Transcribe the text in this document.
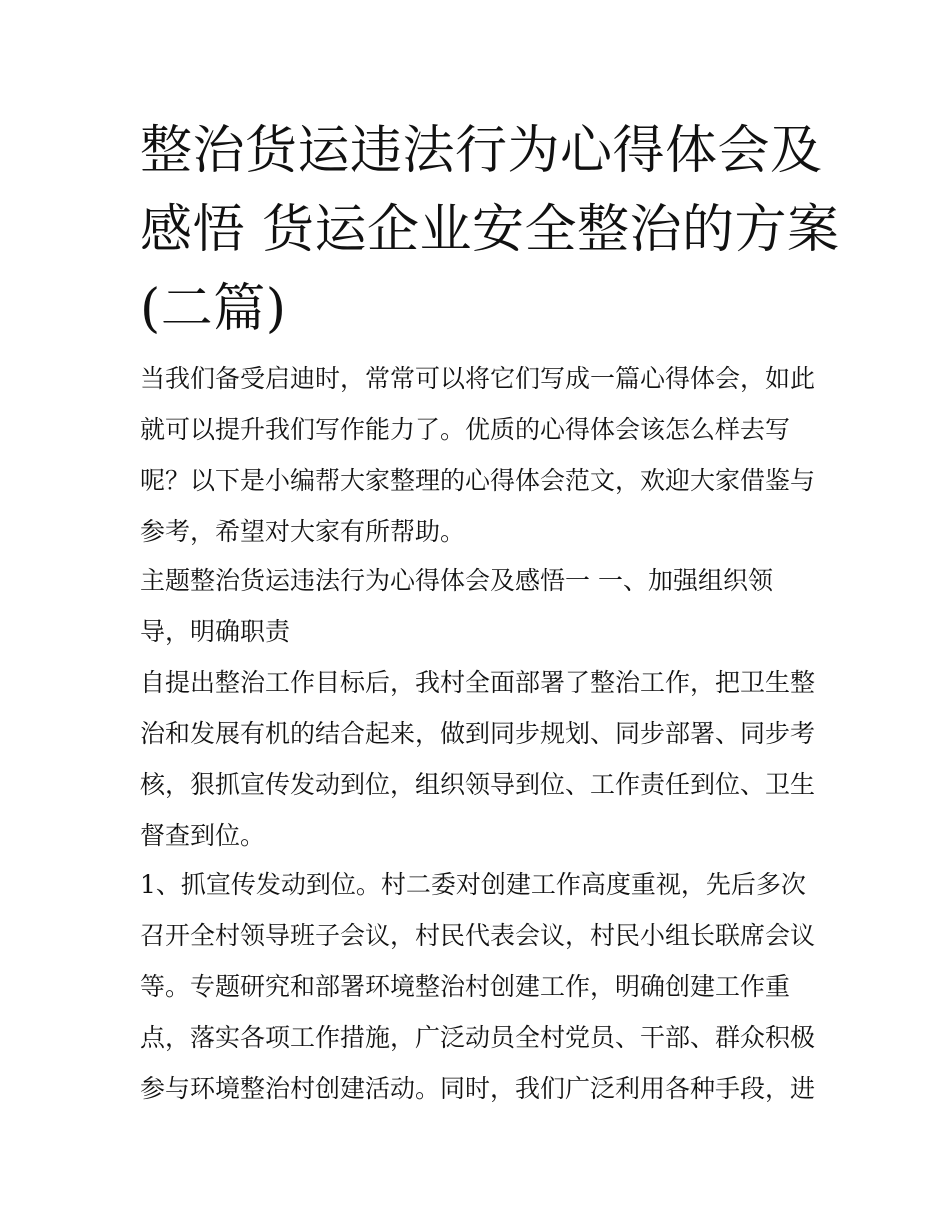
整治货运违法行为心得体会及
感悟 货运企业安全整治的方案
(二篇)

当我们备受启迪时，常常可以将它们写成一篇心得体会，如此
就可以提升我们写作能力了。优质的心得体会该怎么样去写
呢？以下是小编帮大家整理的心得体会范文，欢迎大家借鉴与
参考，希望对大家有所帮助。

主题整治货运违法行为心得体会及感悟一 一、加强组织领
导，明确职责

自提出整治工作目标后，我村全面部署了整治工作，把卫生整
治和发展有机的结合起来，做到同步规划、同步部署、同步考
核，狠抓宣传发动到位，组织领导到位、工作责任到位、卫生
督查到位。

1、抓宣传发动到位。村二委对创建工作高度重视，先后多次
召开全村领导班子会议，村民代表会议，村民小组长联席会议
等。专题研究和部署环境整治村创建工作，明确创建工作重
点，落实各项工作措施，广泛动员全村党员、干部、群众积极
参与环境整治村创建活动。同时，我们广泛利用各种手段，进
